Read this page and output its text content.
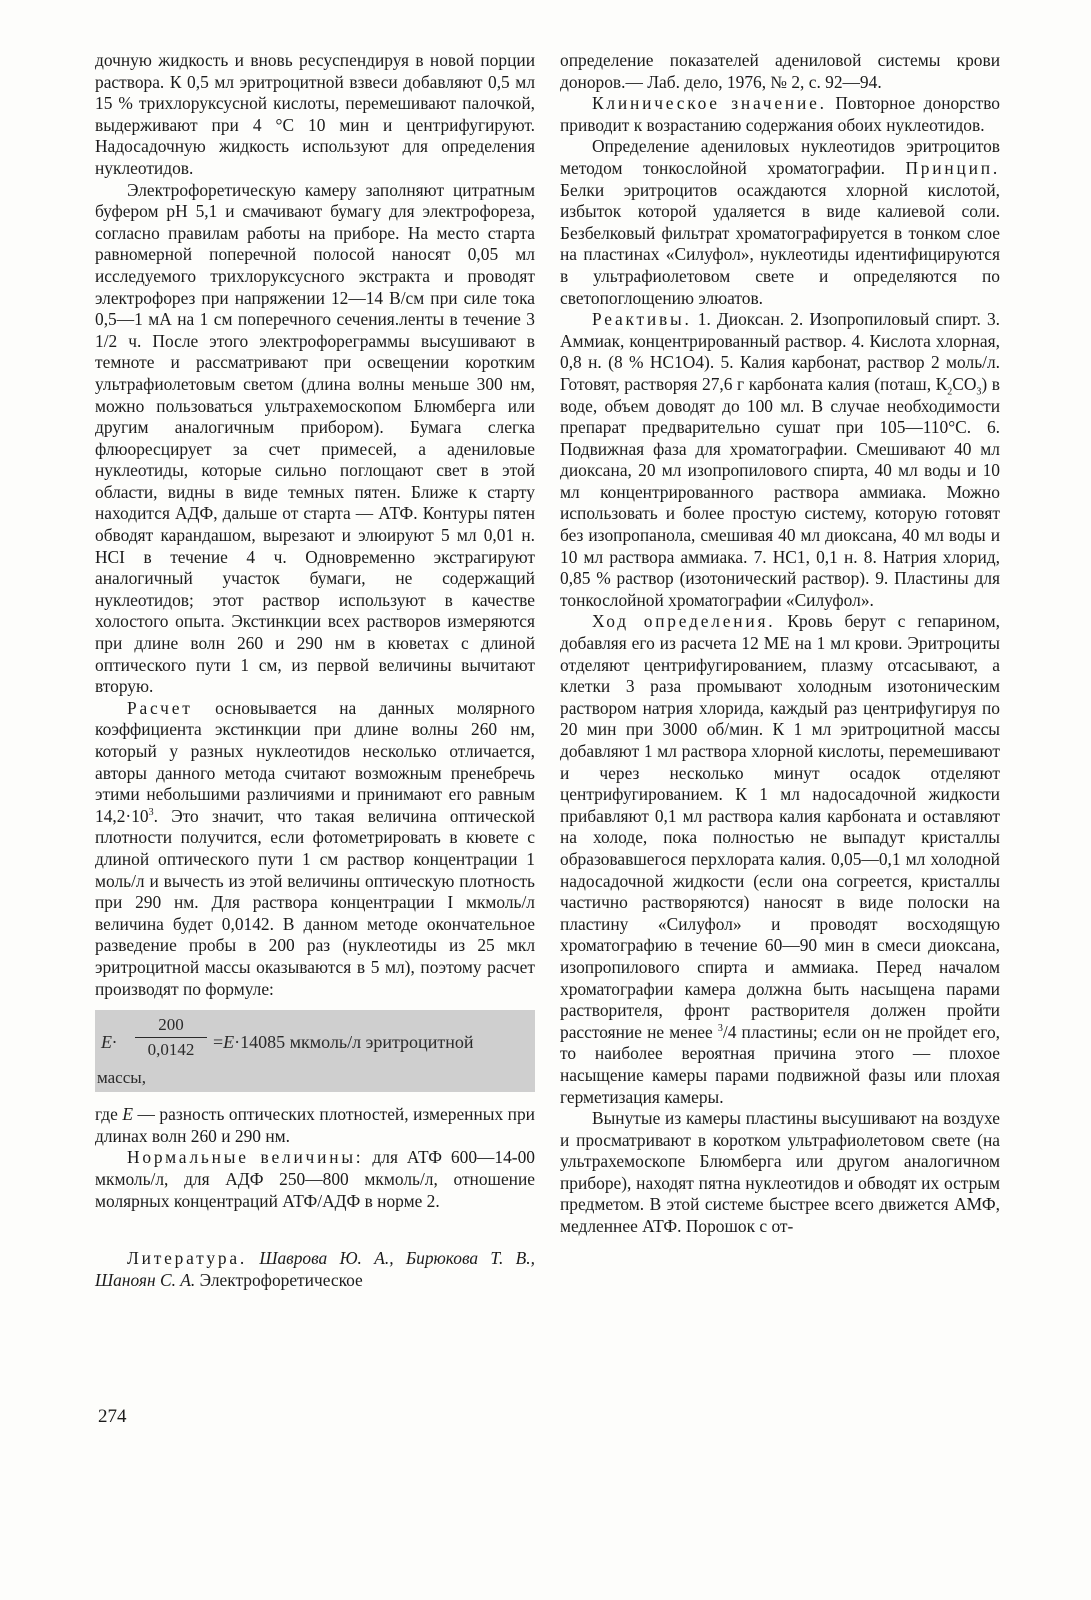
дочную жидкость и вновь ресуспендируя в новой порции раствора. К 0,5 мл эритроцитной взвеси добавляют 0,5 мл 15 % трихлоруксусной кислоты, перемешивают палочкой, выдерживают при 4 °С 10 мин и центрифугируют. Надосадочную жидкость используют для определения нуклеотидов.

Электрофоретическую камеру заполняют цитратным буфером рН 5,1 и смачивают бумагу для электрофореза, согласно правилам работы на приборе. На место старта равномерной поперечной полосой наносят 0,05 мл исследуемого трихлоруксусного экстракта и проводят электрофорез при напряжении 12—14 В/см при силе тока 0,5—1 мА на 1 см поперечного сечения.ленты в течение 3 1/2 ч. После этого электрофореграммы высушивают в темноте и рассматривают при освещении коротким ультрафиолетовым светом (длина волны меньше 300 нм, можно пользоваться ультрахемоскопом Блюмберга или другим аналогичным прибором). Бумага слегка флюоресцирует за счет примесей, а адениловые нуклеотиды, которые сильно поглощают свет в этой области, видны в виде темных пятен. Ближе к старту находится АДФ, дальше от старта — АТФ. Контуры пятен обводят карандашом, вырезают и элюируют 5 мл 0,01 н. НСI в течение 4 ч. Одновременно экстрагируют аналогичный участок бумаги, не содержащий нуклеотидов; этот раствор используют в качестве холостого опыта. Экстинкции всех растворов измеряются при длине волн 260 и 290 нм в кюветах с длиной оптического пути 1 см, из первой величины вычитают вторую.

Расчет основывается на данных молярного коэффициента экстинкции при длине волны 260 нм, который у разных нуклеотидов несколько отличается, авторы данного метода считают возможным пренебречь этими небольшими различиями и принимают его равным $14,2\cdot 10^3$. Это значит, что такая величина оптической плотности получится, если фотометрировать в кювете с длиной оптического пути 1 см раствор концентрации 1 моль/л и вычесть из этой величины оптическую плотность при 290 нм. Для раствора концентрации I мкмоль/л величина будет 0,0142. В данном методе окончательное разведение пробы в 200 раз (нуклеотиды из 25 мкл эритроцитной массы оказываются в 5 мл), поэтому расчет производят по формуле:

$E\cdot \frac{200}{0,0142} =E\cdot 14085$ мкмоль/л эритроцитной
массы,

где Е — разность оптических плотностей, измеренных при длинах волн 260 и 290 нм.

Нормальные величины: для АТФ 600—14-00 мкмоль/л, для АДФ 250—800 мкмоль/л, отношение молярных концентраций АТФ/АДФ в норме 2.

Литература. Шаврова Ю. А., Бирюкова Т. В., Шаноян С. А. Электрофоретическое

определение показателей адениловой системы крови доноров.— Лаб. дело, 1976, № 2, с. 92—94.

Клиническое значение. Повторное донорство приводит к возрастанию содержания обоих нуклеотидов.

Определение адениловых нуклеотидов эритроцитов методом тонкослойной хроматографии. Принцип. Белки эритроцитов осаждаются хлорной кислотой, избыток которой удаляется в виде калиевой соли. Безбелковый фильтрат хроматографируется в тонком слое на пластинах «Силуфол», нуклеотиды идентифицируются в ультрафиолетовом свете и определяются по светопоглощению элюатов.

Реактивы. 1. Диоксан. 2. Изопропиловый спирт. 3. Аммиак, концентрированный раствор. 4. Кислота хлорная, 0,8 н. (8 % НС1О4). 5. Калия карбонат, раствор 2 моль/л. Готовят, растворяя 27,6 г карбоната калия (поташ, $К_2СО_3$) в воде, объем доводят до 100 мл. В случае необходимости препарат предварительно сушат при 105—110°С. 6. Подвижная фаза для хроматографии. Смешивают 40 мл диоксана, 20 мл изопропилового спирта, 40 мл воды и 10 мл концентрированного раствора аммиака. Можно использовать и более простую систему, которую готовят без изопропанола, смешивая 40 мл диоксана, 40 мл воды и 10 мл раствора аммиака. 7. НС1, 0,1 н. 8. Натрия хлорид, 0,85 % раствор (изотонический раствор). 9. Пластины для тонкослойной хроматографии «Силуфол».

Ход определения. Кровь берут с гепарином, добавляя его из расчета 12 МЕ на 1 мл крови. Эритроциты отделяют центрифугированием, плазму отсасывают, а клетки 3 раза промывают холодным изотоническим раствором натрия хлорида, каждый раз центрифугируя по 20 мин при 3000 об/мин. К 1 мл эритроцитной массы добавляют 1 мл раствора хлорной кислоты, перемешивают и через несколько минут осадок отделяют центрифугированием. К 1 мл надосадочной жидкости прибавляют 0,1 мл раствора калия карбоната и оставляют на холоде, пока полностью не выпадут кристаллы образовавшегося перхлората калия. 0,05—0,1 мл холодной надосадочной жидкости (если она согреется, кристаллы частично растворяются) наносят в виде полоски на пластину «Силуфол» и проводят восходящую хроматографию в течение 60—90 мин в смеси диоксана, изопропилового спирта и аммиака. Перед началом хроматографии камера должна быть насыщена парами растворителя, фронт растворителя должен пройти расстояние не менее $^3$/4 пластины; если он не пройдет его, то наиболее вероятная причина этого — плохое насыщение камеры парами подвижной фазы или плохая герметизация камеры.

Вынутые из камеры пластины высушивают на воздухе и просматривают в коротком ультрафиолетовом свете (на ультрахемоскопе Блюмберга или другом аналогичном приборе), находят пятна нуклеотидов и обводят их острым предметом. В этой системе быстрее всего движется АМФ, медленнее АТФ. Порошок с от-

274
